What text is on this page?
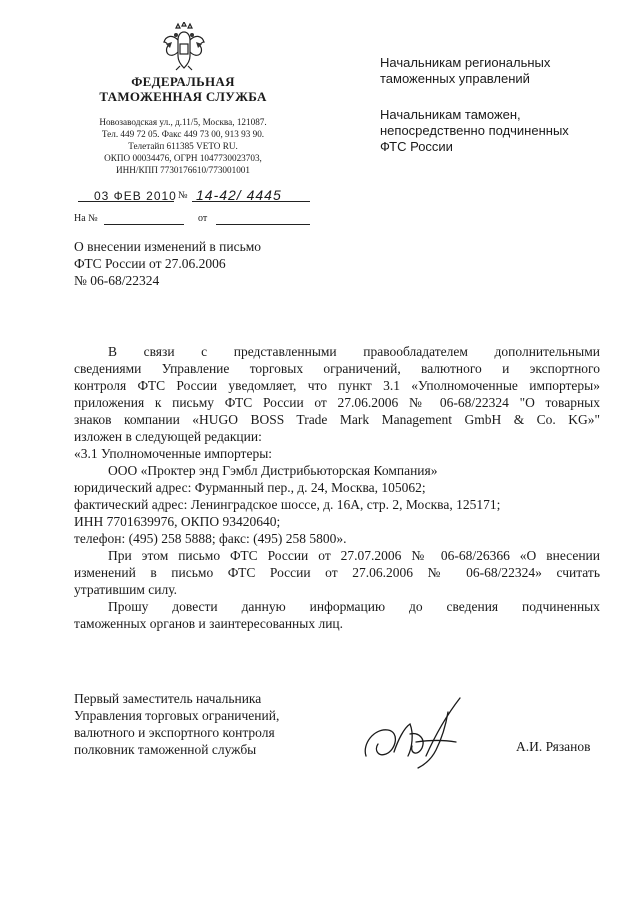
ФЕДЕРАЛЬНАЯ
ТАМОЖЕННАЯ СЛУЖБА
Новозаводская ул., д.11/5, Москва, 121087.
Тел. 449 72 05. Факс 449 73 00, 913 93 90.
Телетайп 611385 VETO RU.
ОКПО 00034476, ОГРН 1047730023703,
ИНН/КПП 7730176610/773001001
03 ФЕВ 2010 № 14-42/ 4445
На №	от

Начальникам региональных

таможенных управлений

Начальникам таможен,

непосредственно подчиненных

ФТС России

О внесении изменений в письмо
ФТС России от 27.06.2006
№ 06-68/22324

В связи с представленными правообладателем дополнительными

сведениями Управление торговых ограничений, валютного и экспортного

контроля ФТС России уведомляет, что пункт 3.1 «Уполномоченные импортеры»

приложения к письму ФТС России от 27.06.2006 № 06-68/22324 "О товарных

знаков компании «HUGO BOSS Trade Mark Management GmbH & Co. KG»"

изложен в следующей редакции:

«3.1 Уполномоченные импортеры:

ООО «Проктер энд Гэмбл Дистрибьюторская Компания»

юридический адрес: Фурманный пер., д. 24, Москва, 105062;

фактический адрес: Ленинградское шоссе, д. 16А, стр. 2, Москва, 125171;

ИНН 7701639976, ОКПО 93420640;

телефон: (495) 258 5888; факс: (495) 258 5800».

При этом письмо ФТС России от 27.07.2006 № 06-68/26366 «О внесении

изменений в письмо ФТС России от 27.06.2006 № 06-68/22324» считать

утратившим силу.

Прошу довести данную информацию до сведения подчиненных

таможенных органов и заинтересованных лиц.

Первый заместитель начальника
Управления торговых ограничений,
валютного и экспортного контроля
полковник таможенной службы	А.И. Рязанов
